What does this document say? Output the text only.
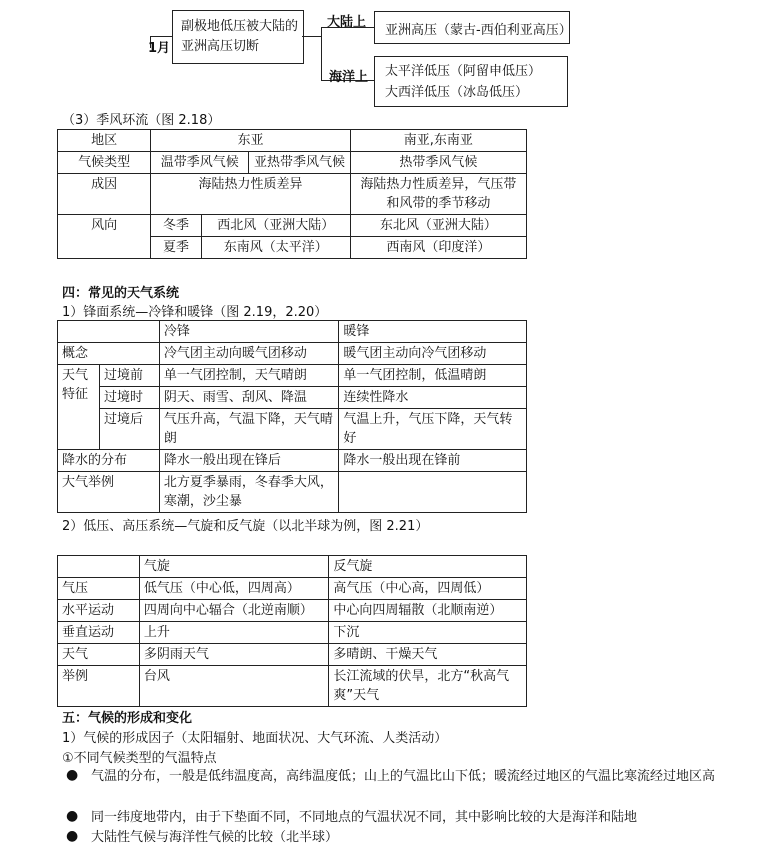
1月
副极地低压被大陆的
亚洲高压切断
大陆上
海洋上
亚洲高压（蒙古-西伯利亚高压）
太平洋低压（阿留申低压）
大西洋低压（冰岛低压）
（3）季风环流（图 2.18）
地区	东亚			南亚,东南亚
气候类型	温带季风气候		亚热带季风气候	热带季风气候
成因	海陆热力性质差异			海陆热力性质差异，气压带和风带的季节移动
风向	冬季	西北风（亚洲大陆）		东北风（亚洲大陆）
	夏季	东南风（太平洋）		西南风（印度洋）
四：常见的天气系统
1）锋面系统—冷锋和暖锋（图 2.19，2.20）
		冷锋	暖锋
概念		冷气团主动向暖气团移动	暖气团主动向冷气团移动
天气特征	过境前	单一气团控制，天气晴朗	单一气团控制，低温晴朗
	过境时	阴天、雨雪、刮风、降温	连续性降水
	过境后	气压升高，气温下降，天气晴朗	气温上升，气压下降，天气转好
降水的分布		降水一般出现在锋后	降水一般出现在锋前
大气举例		北方夏季暴雨，冬春季大风，寒潮，沙尘暴	
2）低压、高压系统—气旋和反气旋（以北半球为例，图 2.21）
	气旋	反气旋
气压	低气压（中心低，四周高）	高气压（中心高，四周低）
水平运动	四周向中心辐合（北逆南顺）	中心向四周辐散（北顺南逆）
垂直运动	上升	下沉
天气	多阴雨天气	多晴朗、干燥天气
举例	台风	长江流域的伏旱，北方“秋高气爽”天气
五：气候的形成和变化
1）气候的形成因子（太阳辐射、地面状况、大气环流、人类活动）
①不同气候类型的气温特点
● 气温的分布，一般是低纬温度高，高纬温度低；山上的气温比山下低；暖流经过地区的气温比寒流经过地区高
● 同一纬度地带内，由于下垫面不同，不同地点的气温状况不同，其中影响比较的大是海洋和陆地
● 大陆性气候与海洋性气候的比较（北半球）
